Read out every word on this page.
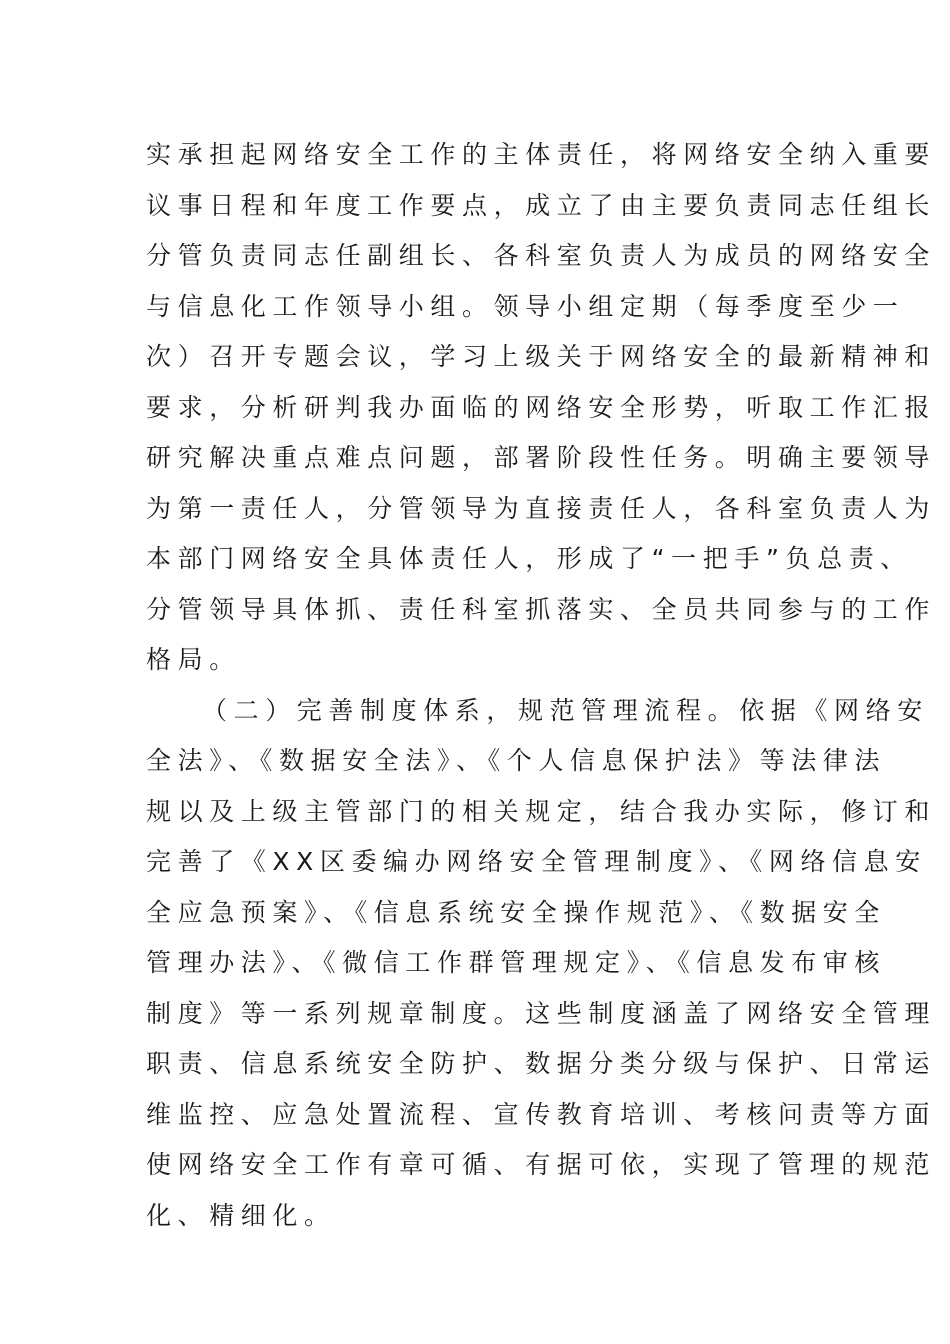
实承担起网络安全工作的主体责任，将网络安全纳入重要
议事日程和年度工作要点，成立了由主要负责同志任组长
分管负责同志任副组长、各科室负责人为成员的网络安全
与信息化工作领导小组。领导小组定期（每季度至少一
次）召开专题会议，学习上级关于网络安全的最新精神和
要求，分析研判我办面临的网络安全形势，听取工作汇报
研究解决重点难点问题，部署阶段性任务。明确主要领导
为第一责任人，分管领导为直接责任人，各科室负责人为
本部门网络安全具体责任人，形成了“一把手”负总责、
分管领导具体抓、责任科室抓落实、全员共同参与的工作
格局。
（二）完善制度体系，规范管理流程。依据《网络安
全法》、《数据安全法》、《个人信息保护法》等法律法
规以及上级主管部门的相关规定，结合我办实际，修订和
完善了《XX区委编办网络安全管理制度》、《网络信息安
全应急预案》、《信息系统安全操作规范》、《数据安全
管理办法》、《微信工作群管理规定》、《信息发布审核
制度》等一系列规章制度。这些制度涵盖了网络安全管理
职责、信息系统安全防护、数据分类分级与保护、日常运
维监控、应急处置流程、宣传教育培训、考核问责等方面
使网络安全工作有章可循、有据可依，实现了管理的规范
化、精细化。
